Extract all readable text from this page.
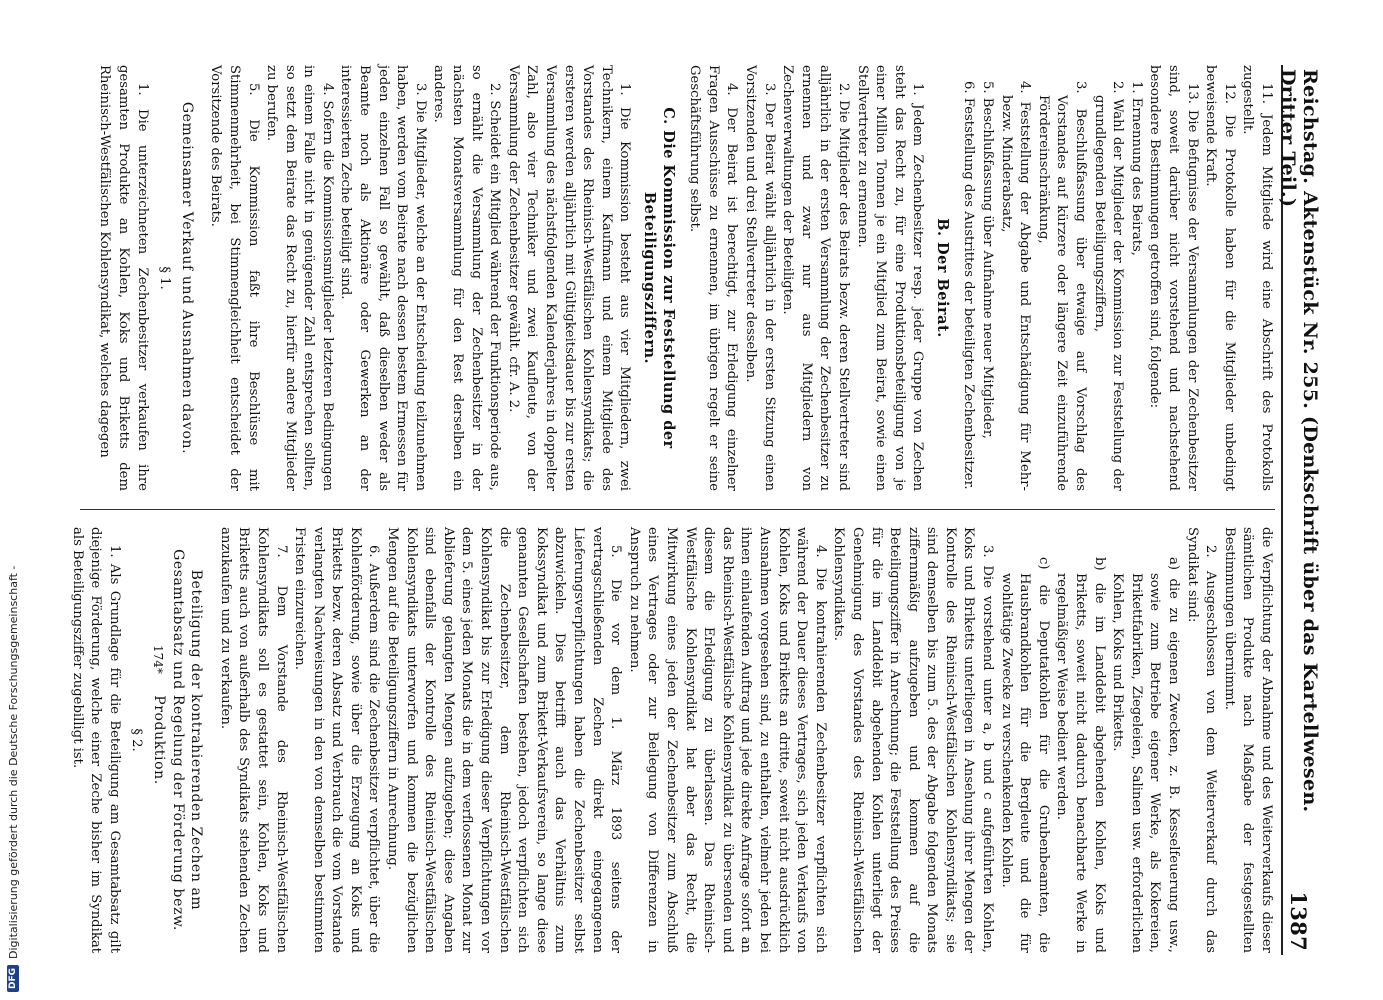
Reichstag. Aktenstück Nr. 255. (Denkschrift über das Kartellwesen. Dritter Teil.)
1387

11. Jedem Mitgliede wird eine Abschrift des Protokolls zugestellt.

12. Die Protokolle haben für die Mitglieder unbedingt beweisende Kraft.

13. Die Befugnisse der Versammlungen der Zechenbesitzer sind, soweit darüber nicht vorstehend und nachstehend besondere Bestimmungen getroffen sind, folgende:

1. Ernennung des Beirats,

2. Wahl der Mitglieder der Kommission zur Feststellung der grundlegenden Beteiligungsziffern,

3. Beschlußfassung über etwaige auf Vorschlag des Vorstandes auf kürzere oder längere Zeit einzuführende Fördereinschränkung,

4. Feststellung der Abgabe und Entschädigung für Mehr- bezw. Minderabsatz,

5. Beschlußfassung über Aufnahme neuer Mitglieder,

6. Feststellung des Austrittes der beteiligten Zechenbesitzer.

B. Der Beirat.

1. Jedem Zechenbesitzer resp. jeder Gruppe von Zechen steht das Recht zu, für eine Produktionsbeteiligung von je einer Million Tonnen je ein Mitglied zum Beirat, sowie einen Stellvertreter zu ernennen.

2. Die Mitglieder des Beirats bezw. deren Stellvertreter sind alljährlich in der ersten Versammlung der Zechenbesitzer zu ernennen und zwar nur aus Mitgliedern von Zechenverwaltungen der Beteiligten.

3. Der Beirat wählt alljährlich in der ersten Sitzung einen Vorsitzenden und drei Stellvertreter desselben.

4. Der Beirat ist berechtigt, zur Erledigung einzelner Fragen Ausschüsse zu ernennen, im übrigen regelt er seine Geschäftsführung selbst.

C. Die Kommission zur Feststellung der Beteiligungsziffern.

1. Die Kommission besteht aus vier Mitgliedern, zwei Technikern, einem Kaufmann und einem Mitgliede des Vorstandes des Rheinisch-Westfälischen Kohlensyndikats; die ersteren werden alljährlich mit Gültigkeitsdauer bis zur ersten Versammlung des nächstfolgenden Kalenderjahres in doppelter Zahl, also vier Techniker und zwei Kaufleute, von der Versammlung der Zechenbesitzer gewählt. cfr. A. 2.

2. Scheidet ein Mitglied während der Funktionsperiode aus, so ernählt die Versammlung der Zechenbesitzer in der nächsten Monatsversammlung für den Rest derselben ein anderes.

3. Die Mitglieder, welche an der Entscheidung teilzunehmen haben, werden vom Beirate nach dessen bestem Ermessen für jeden einzelnen Fall so gewählt, daß dieselben weder als Beamte noch als Aktionäre oder Gewerken an der interessierten Zeche beteiligt sind.

4. Sofern die Kommissionsmitglieder letzteren Bedingungen in einem Falle nicht in genügender Zahl entsprechen sollten, so setzt dem Beirate das Recht zu, hierfür andere Mitglieder zu berufen.

5. Die Kommission faßt ihre Beschlüsse mit Stimmenmehrheit, bei Stimmengleichheit entscheidet der Vorsitzende des Beirats.

Gemeinsamer Verkauf und Ausnahmen davon.

§ 1.

1. Die unterzeichneten Zechenbesitzer verkaufen ihre gesamten Produkte an Kohlen, Koks und Briketts dem Rheinisch-Westfälischen Kohlensyndikat, welches dagegen

die Verpflichtung der Abnahme und des Weiterverkaufs dieser sämtlichen Produkte nach Maßgabe der festgestellten Bestimmungen übernimmt.

2. Ausgeschlossen von dem Weiterverkauf durch das Syndikat sind:

a) die zu eigenen Zwecken, z. B. Kesselfeuerung usw., sowie zum Betriebe eigener Werke, als Kokereien, Brikettfabriken, Ziegeleien, Salinen usw. erforderlichen Kohlen, Koks und Briketts.

b) die im Landdebit abgehenden Kohlen, Koks und Briketts, soweit nicht dadurch benachbarte Werke in regelmäßiger Weise bedient werden.

c) die Deputatkohlen für die Grubenbeamten, die Hausbrandkohlen für die Bergleute und die für wohltätige Zwecke zu verschenkenden Kohlen.

3. Die vorstehend unter a, b und c aufgeführten Kohlen, Koks und Briketts unterliegen in Ansehung ihrer Mengen der Kontrolle des Rheinisch-Westfälischen Kohlensyndikats; sie sind demselben bis zum 5. des der Abgabe folgenden Monats ziffernmäßig aufzugeben und kommen auf die Beteiligungsziffer in Anrechnung; die Feststellung des Preises für die im Landdebit abgehenden Kohlen unterliegt der Genehmigung des Vorstandes des Rheinisch-Westfälischen Kohlensyndikats.

4. Die kontrahierenden Zechenbesitzer verpflichten sich während der Dauer dieses Vertrages, sich jeden Verkaufs von Kohlen, Koks und Briketts an dritte, soweit nicht ausdrücklich Ausnahmen vorgesehen sind, zu enthalten, vielmehr jeden bei ihnen einlaufenden Auftrag und jede direkte Anfrage sofort an das Rheinisch-Westfälische Kohlensyndikat zu übersenden und diesem die Erledigung zu überlassen. Das Rheinisch-Westfälische Kohlensyndikat hat aber das Recht, die Mitwirkung eines jeden der Zechenbesitzer zum Abschluß eines Vertrages oder zur Beilegung von Differenzen in Anspruch zu nehmen.

5. Die vor dem 1. März 1893 seitens der vertragschließenden Zechen direkt eingegangenen Lieferungsverpflichtungen haben die Zechenbesitzer selbst abzuwickeln. Dies betrifft auch das Verhältnis zum Kokssyndikat und zum Brikett-Verkaufsverein, so lange diese genannten Gesellschaften bestehen, jedoch verpflichten sich die Zechenbesitzer, dem Rheinisch-Westfälischen Kohlensyndikat bis zur Erledigung dieser Verpflichtungen vor dem 5. eines jeden Monats die in dem verflossenen Monat zur Ablieferung gelangten Mengen aufzugeben; diese Angaben sind ebenfalls der Kontrolle des Rheinisch-Westfälischen Kohlensyndikats unterworfen und kommen die bezüglichen Mengen auf die Beteiligungsziffern in Anrechnung.

6. Außerdem sind die Zechenbesitzer verpflichtet, über die Kohlenförderung, sowie über die Erzeugung an Koks und Briketts bezw. deren Absatz und Verbrauch die vom Vorstande verlangten Nachweisungen in den von demselben bestimmten Fristen einzureichen.

7. Dem Vorstande des Rheinisch-Westfälischen Kohlensyndikats soll es gestattet sein, Kohlen, Koks und Briketts auch von außerhalb des Syndikats stehenden Zechen anzukaufen und zu verkaufen.

Beteiligung der kontrahierenden Zechen am Gesamtabsatz und Regelung der Förderung bezw. Produktion.

§ 2.

1. Als Grundlage für die Beteiligung am Gesamtabsatz gilt diejenige Förderung, welche einer Zeche bisher im Syndikat als Beteiligungsziffer zugebilligt ist.	174*
DFG
Digitalisierung gefördert durch die Deutsche Forschungsgemeinschaft -
